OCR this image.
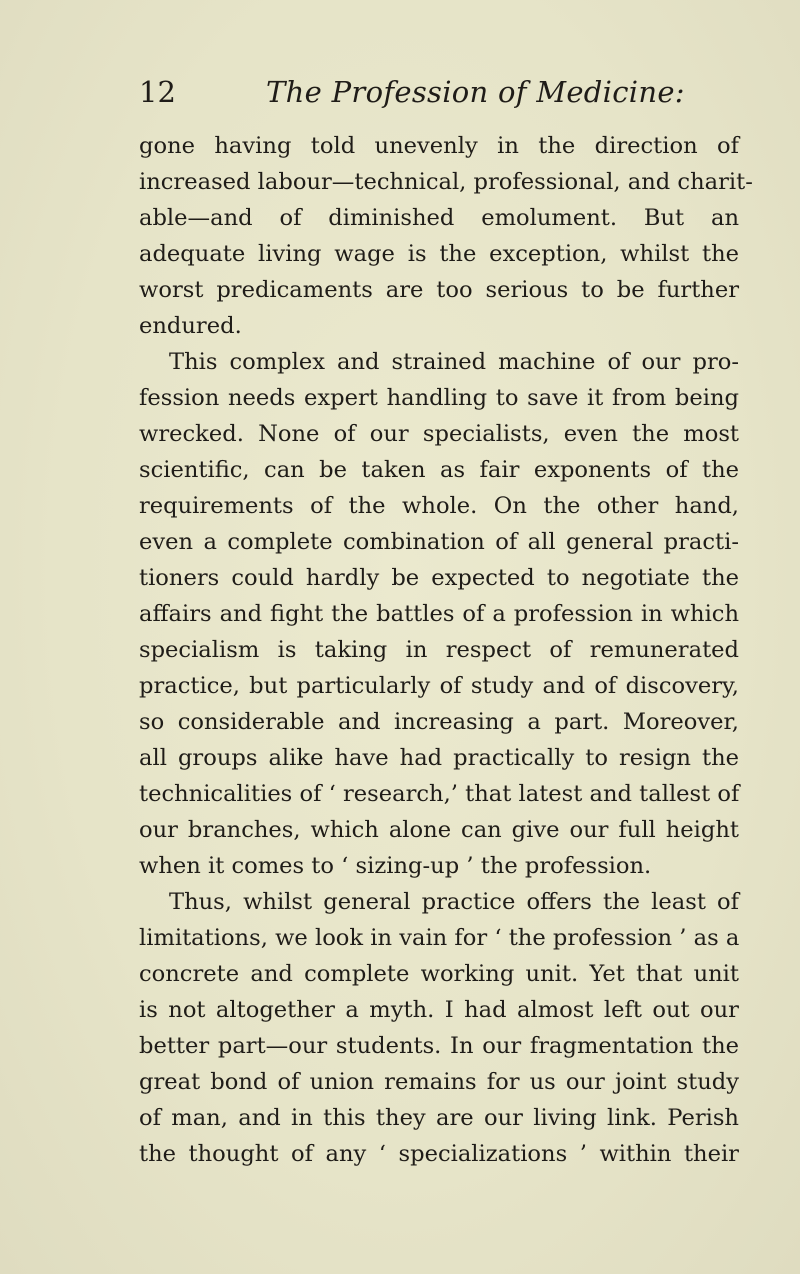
12	The Profession of Medicine:
gone having told unevenly in the direction of
increased labour—technical, professional, and charit-
able—and of diminished emolument. But an
adequate living wage is the exception, whilst the
worst predicaments are too serious to be further
endured.
This complex and strained machine of our pro-
fession needs expert handling to save it from being
wrecked. None of our specialists, even the most
scientific, can be taken as fair exponents of the
requirements of the whole. On the other hand,
even a complete combination of all general practi-
tioners could hardly be expected to negotiate the
affairs and fight the battles of a profession in which
specialism is taking in respect of remunerated
practice, but particularly of study and of discovery,
so considerable and increasing a part. Moreover,
all groups alike have had practically to resign the
technicalities of ‘ research,’ that latest and tallest of
our branches, which alone can give our full height
when it comes to ‘ sizing-up ’ the profession.
Thus, whilst general practice offers the least of
limitations, we look in vain for ‘ the profession ’ as a
concrete and complete working unit. Yet that unit
is not altogether a myth. I had almost left out our
better part—our students. In our fragmentation the
great bond of union remains for us our joint study
of man, and in this they are our living link. Perish
the thought of any ‘ specializations ’ within their
